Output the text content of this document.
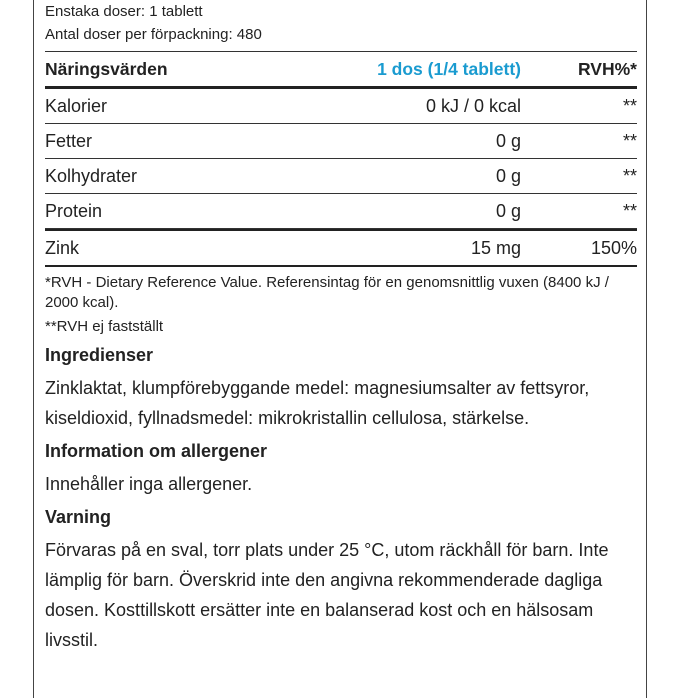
Enstaka doser: 1 tablett
Antal doser per förpackning: 480
Näringsvärden	1 dos (1/4 tablett)	RVH%*
Kalorier	0 kJ / 0 kcal	**
Fetter	0 g	**
Kolhydrater	0 g	**
Protein	0 g	**
Zink	15 mg	150%
*RVH - Dietary Reference Value. Referensintag för en genomsnittlig vuxen (8400 kJ / 2000 kcal).
**RVH ej fastställt
Ingredienser
Zinklaktat, klumpförebyggande medel: magnesiumsalter av fettsyror, kiseldioxid, fyllnadsmedel: mikrokristallin cellulosa, stärkelse.
Information om allergener
Innehåller inga allergener.
Varning
Förvaras på en sval, torr plats under 25 °C, utom räckhåll för barn. Inte lämplig för barn. Överskrid inte den angivna rekommenderade dagliga dosen. Kosttillskott ersätter inte en balanserad kost och en hälsosam livsstil.
